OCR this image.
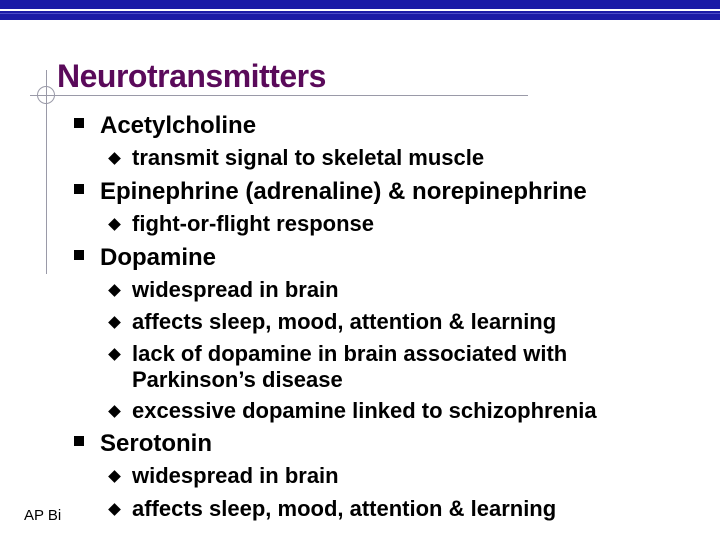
Neurotransmitters
Acetylcholine
transmit signal to skeletal muscle
Epinephrine (adrenaline) & norepinephrine
fight-or-flight response
Dopamine
widespread in brain
affects sleep, mood, attention & learning
lack of dopamine in brain associated with Parkinson’s disease
excessive dopamine linked to schizophrenia
Serotonin
widespread in brain
affects sleep, mood, attention & learning
AP Bi
